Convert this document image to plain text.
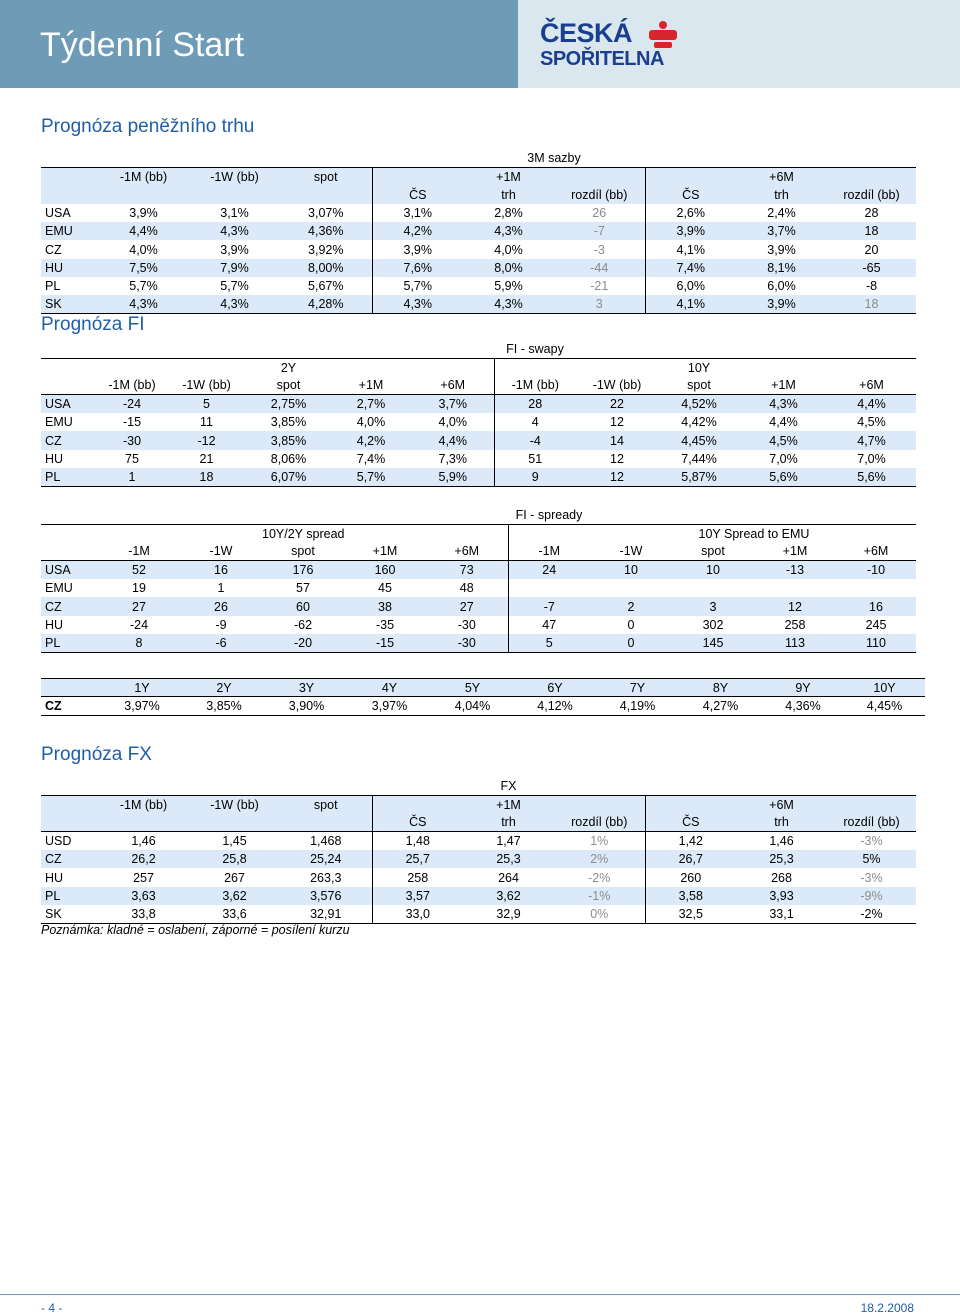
Týdenní Start	ČESKÁ
SPOŘITELNA
Prognóza peněžního trhu
					3M sazby				
	-1M (bb)	-1W (bb)	spot		+1M			+6M	
				ČS	trh	rozdíl (bb)	ČS	trh	rozdíl (bb)
USA	3,9%	3,1%	3,07%	3,1%	2,8%	26	2,6%	2,4%	28
EMU	4,4%	4,3%	4,36%	4,2%	4,3%	-7	3,9%	3,7%	18
CZ	4,0%	3,9%	3,92%	3,9%	4,0%	-3	4,1%	3,9%	20
HU	7,5%	7,9%	8,00%	7,6%	8,0%	-44	7,4%	8,1%	-65
PL	5,7%	5,7%	5,67%	5,7%	5,9%	-21	6,0%	6,0%	-8
SK	4,3%	4,3%	4,28%	4,3%	4,3%	3	4,1%	3,9%	18
Prognóza FI
						FI - swapy				
			2Y					10Y		
	-1M (bb)	-1W (bb)	spot	+1M	+6M	-1M (bb)	-1W (bb)	spot	+1M	+6M
USA	-24	5	2,75%	2,7%	3,7%	28	22	4,52%	4,3%	4,4%
EMU	-15	11	3,85%	4,0%	4,0%	4	12	4,42%	4,4%	4,5%
CZ	-30	-12	3,85%	4,2%	4,4%	-4	14	4,45%	4,5%	4,7%
HU	75	21	8,06%	7,4%	7,3%	51	12	7,44%	7,0%	7,0%
PL	1	18	6,07%	5,7%	5,9%	9	12	5,87%	5,6%	5,6%
						FI - spready				
			10Y/2Y spread					10Y Spread to EMU		
	-1M	-1W	spot	+1M	+6M	-1M	-1W	spot	+1M	+6M
USA	52	16	176	160	73	24	10	10	-13	-10
EMU	19	1	57	45	48					
CZ	27	26	60	38	27	-7	2	3	12	16
HU	-24	-9	-62	-35	-30	47	0	302	258	245
PL	8	-6	-20	-15	-30	5	0	145	113	110
	1Y	2Y	3Y	4Y	5Y	6Y	7Y	8Y	9Y	10Y
CZ	3,97%	3,85%	3,90%	3,97%	4,04%	4,12%	4,19%	4,27%	4,36%	4,45%
Prognóza FX
					FX				
	-1M (bb)	-1W (bb)	spot		+1M			+6M	
				ČS	trh	rozdíl (bb)	ČS	trh	rozdíl (bb)
USD	1,46	1,45	1,468	1,48	1,47	1%	1,42	1,46	-3%
CZ	26,2	25,8	25,24	25,7	25,3	2%	26,7	25,3	5%
HU	257	267	263,3	258	264	-2%	260	268	-3%
PL	3,63	3,62	3,576	3,57	3,62	-1%	3,58	3,93	-9%
SK	33,8	33,6	32,91	33,0	32,9	0%	32,5	33,1	-2%
Poznámka: kladné = oslabení, záporné = posílení kurzu
- 4 -	18.2.2008
